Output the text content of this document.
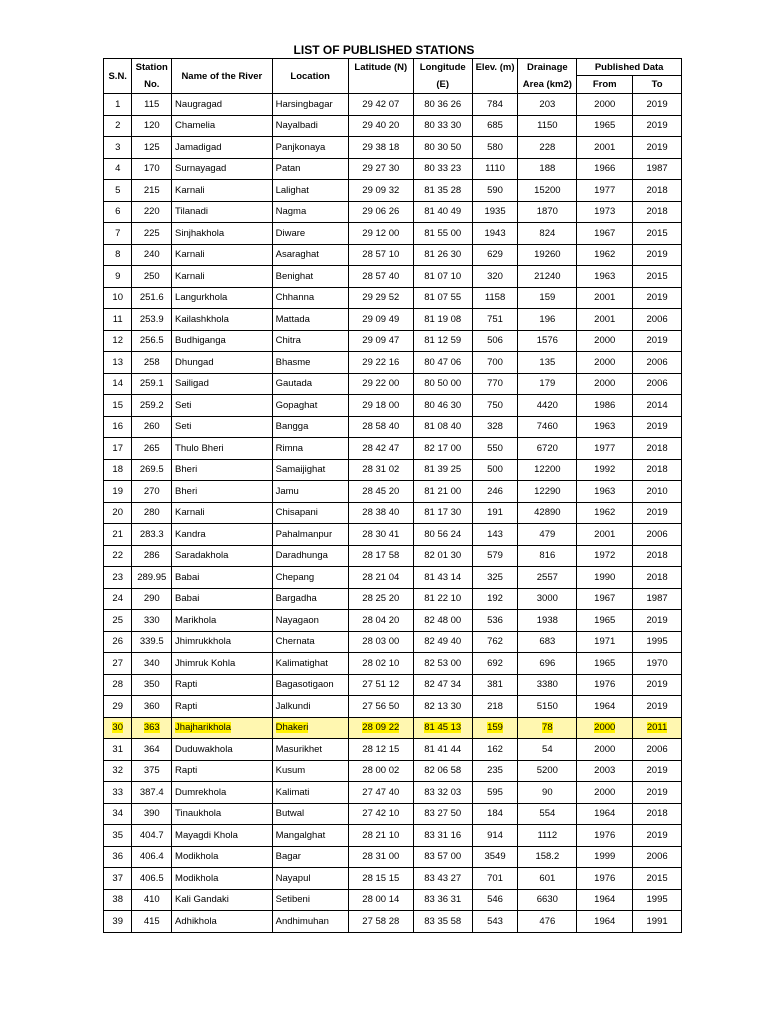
LIST OF PUBLISHED STATIONS
S.N.	Station	Name of the River	Location	Latitude (N)	Longitude	Elev. (m)	Drainage	Published Data	
	No.				(E)		Area (km2)	From	To
1	115	Naugragad	Harsingbagar	29 42 07	80 36 26	784	203	2000	2019
2	120	Chamelia	Nayalbadi	29 40 20	80 33 30	685	1150	1965	2019
3	125	Jamadigad	Panjkonaya	29 38 18	80 30 50	580	228	2001	2019
4	170	Surnayagad	Patan	29 27 30	80 33 23	1110	188	1966	1987
5	215	Karnali	Lalighat	29 09 32	81 35 28	590	15200	1977	2018
6	220	Tilanadi	Nagma	29 06 26	81 40 49	1935	1870	1973	2018
7	225	Sinjhakhola	Diware	29 12 00	81 55 00	1943	824	1967	2015
8	240	Karnali	Asaraghat	28 57 10	81 26 30	629	19260	1962	2019
9	250	Karnali	Benighat	28 57 40	81 07 10	320	21240	1963	2015
10	251.6	Langurkhola	Chhanna	29 29 52	81 07 55	1158	159	2001	2019
11	253.9	Kailashkhola	Mattada	29 09 49	81 19 08	751	196	2001	2006
12	256.5	Budhiganga	Chitra	29 09 47	81 12 59	506	1576	2000	2019
13	258	Dhungad	Bhasme	29 22 16	80 47 06	700	135	2000	2006
14	259.1	Sailigad	Gautada	29 22 00	80 50 00	770	179	2000	2006
15	259.2	Seti	Gopaghat	29 18 00	80 46 30	750	4420	1986	2014
16	260	Seti	Bangga	28 58 40	81 08 40	328	7460	1963	2019
17	265	Thulo Bheri	Rimna	28 42 47	82 17 00	550	6720	1977	2018
18	269.5	Bheri	Samaijighat	28 31 02	81 39 25	500	12200	1992	2018
19	270	Bheri	Jamu	28 45 20	81 21 00	246	12290	1963	2010
20	280	Karnali	Chisapani	28 38 40	81 17 30	191	42890	1962	2019
21	283.3	Kandra	Pahalmanpur	28 30 41	80 56 24	143	479	2001	2006
22	286	Saradakhola	Daradhunga	28 17 58	82 01 30	579	816	1972	2018
23	289.95	Babai	Chepang	28 21 04	81 43 14	325	2557	1990	2018
24	290	Babai	Bargadha	28 25 20	81 22 10	192	3000	1967	1987
25	330	Marikhola	Nayagaon	28 04 20	82 48 00	536	1938	1965	2019
26	339.5	Jhimrukkhola	Chernata	28 03 00	82 49 40	762	683	1971	1995
27	340	Jhimruk Kohla	Kalimatighat	28 02 10	82 53 00	692	696	1965	1970
28	350	Rapti	Bagasotigaon	27 51 12	82 47 34	381	3380	1976	2019
29	360	Rapti	Jalkundi	27 56 50	82 13 30	218	5150	1964	2019
30	363	Jhajharikhola	Dhakeri	28 09 22	81 45 13	159	78	2000	2011
31	364	Duduwakhola	Masurikhet	28 12 15	81 41 44	162	54	2000	2006
32	375	Rapti	Kusum	28 00 02	82 06 58	235	5200	2003	2019
33	387.4	Dumrekhola	Kalimati	27 47 40	83 32 03	595	90	2000	2019
34	390	Tinaukhola	Butwal	27 42 10	83 27 50	184	554	1964	2018
35	404.7	Mayagdi Khola	Mangalghat	28 21 10	83 31 16	914	1112	1976	2019
36	406.4	Modikhola	Bagar	28 31 00	83 57 00	3549	158.2	1999	2006
37	406.5	Modikhola	Nayapul	28 15 15	83 43 27	701	601	1976	2015
38	410	Kali Gandaki	Setibeni	28 00 14	83 36 31	546	6630	1964	1995
39	415	Adhikhola	Andhimuhan	27 58 28	83 35 58	543	476	1964	1991
